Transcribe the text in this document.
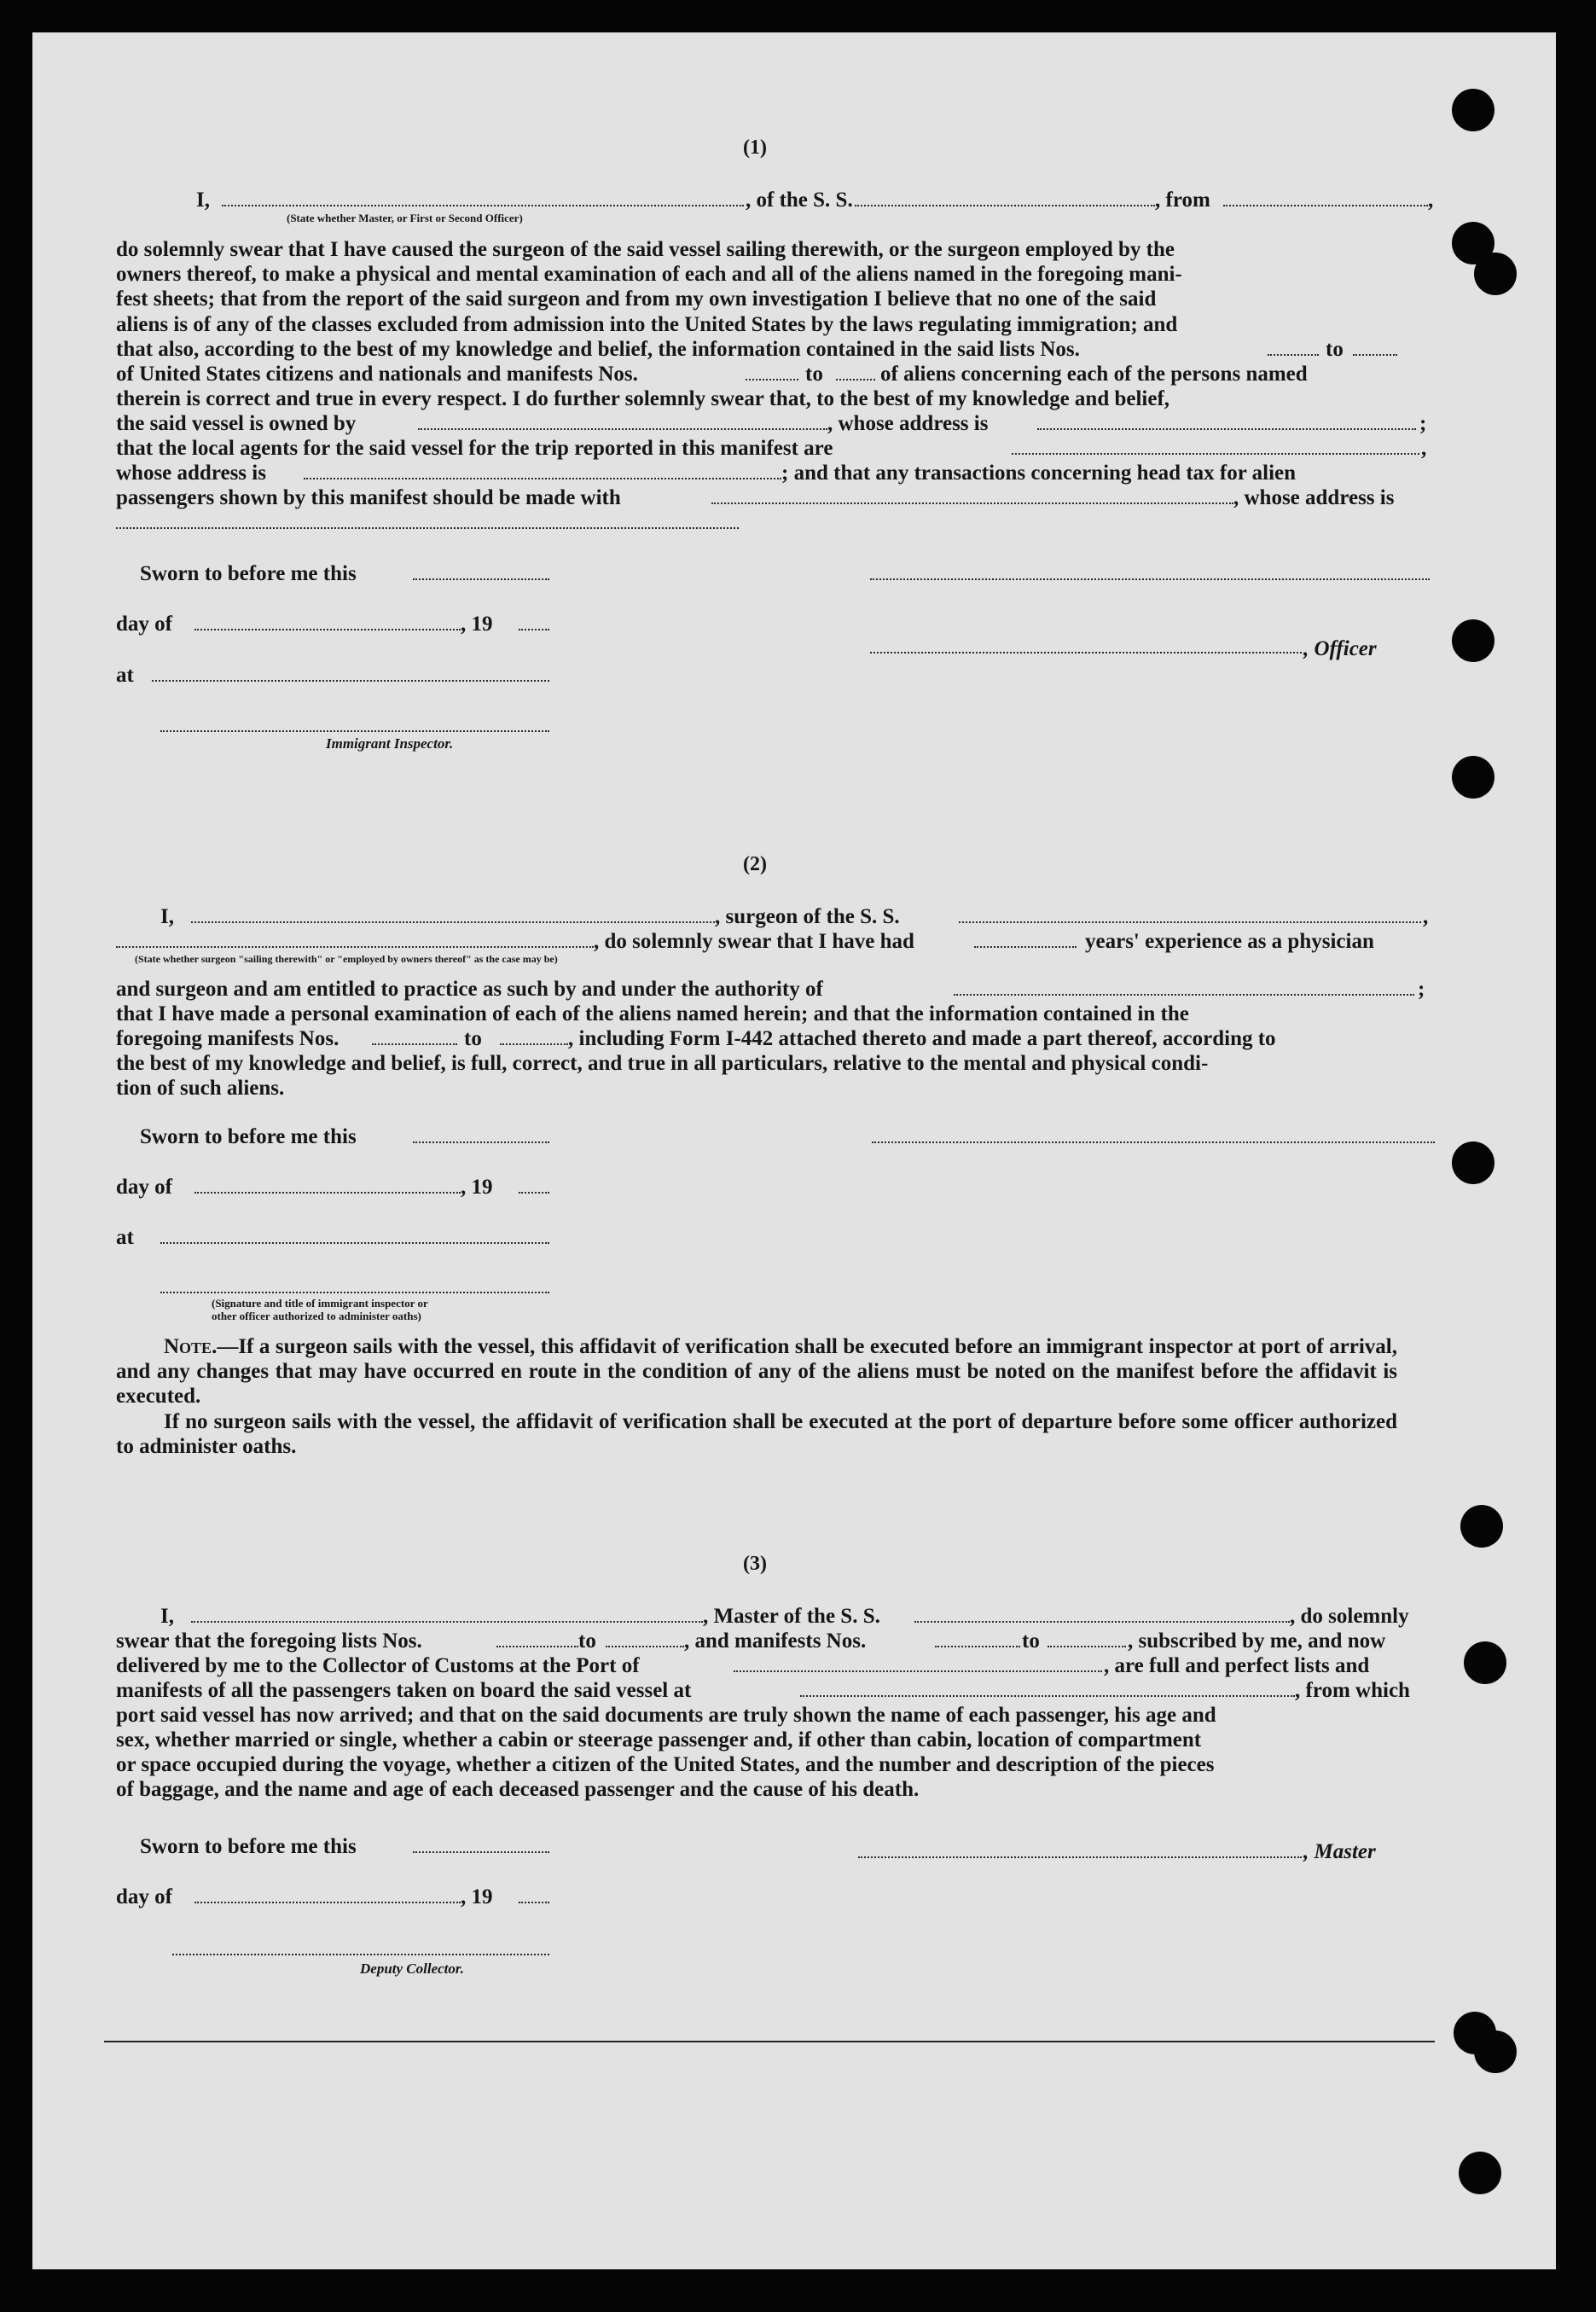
(1)
I,	, of the S. S.	, from	,
(State whether Master, or First or Second Officer)

do solemnly swear that I have caused the surgeon of the said vessel sailing therewith, or the surgeon employed by the

owners thereof, to make a physical and mental examination of each and all of the aliens named in the foregoing mani-

fest sheets; that from the report of the said surgeon and from my own investigation I believe that no one of the said

aliens is of any of the classes excluded from admission into the United States by the laws regulating immigration; and

that also, according to the best of my knowledge and belief, the information contained in the said lists Nos.	to
of United States citizens and nationals and manifests Nos.	to	of aliens concerning each of the persons named

therein is correct and true in every respect. I do further solemnly swear that, to the best of my knowledge and belief,

the said vessel is owned by	, whose address is	;
that the local agents for the said vessel for the trip reported in this manifest are	,
whose address is	; and that any transactions concerning head tax for alien
passengers shown by this manifest should be made with	, whose address is
Sworn to before me this
day of	, 19
, Officer
at
Immigrant Inspector.
(2)
I,	, surgeon of the S. S.	,
, do solemnly swear that I have had	years' experience as a physician
(State whether surgeon "sailing therewith" or "employed by owners thereof" as the case may be)
and surgeon and am entitled to practice as such by and under the authority of	;

that I have made a personal examination of each of the aliens named herein; and that the information contained in the

foregoing manifests Nos.	to	, including Form I-442 attached thereto and made a part thereof, according to

the best of my knowledge and belief, is full, correct, and true in all particulars, relative to the mental and physical condi-

tion of such aliens.
Sworn to before me this
day of	, 19
at
(Signature and title of immigrant inspector or
other officer authorized to administer oaths)

Note.—If a surgeon sails with the vessel, this affidavit of verification shall be executed before an immigrant inspector at port of arrival, and any changes that may have occurred en route in the condition of any of the aliens must be noted on the manifest before the affidavit is executed.

If no surgeon sails with the vessel, the affidavit of verification shall be executed at the port of departure before some officer authorized to administer oaths.

(3)
I,	, Master of the S. S.	, do solemnly
swear that the foregoing lists Nos.	to	, and manifests Nos.	to	, subscribed by me, and now
delivered by me to the Collector of Customs at the Port of	, are full and perfect lists and
manifests of all the passengers taken on board the said vessel at	, from which

port said vessel has now arrived; and that on the said documents are truly shown the name of each passenger, his age and

sex, whether married or single, whether a cabin or steerage passenger and, if other than cabin, location of compartment

or space occupied during the voyage, whether a citizen of the United States, and the number and description of the pieces

of baggage, and the name and age of each deceased passenger and the cause of his death.
Sworn to before me this	, Master
day of	, 19
Deputy Collector.
